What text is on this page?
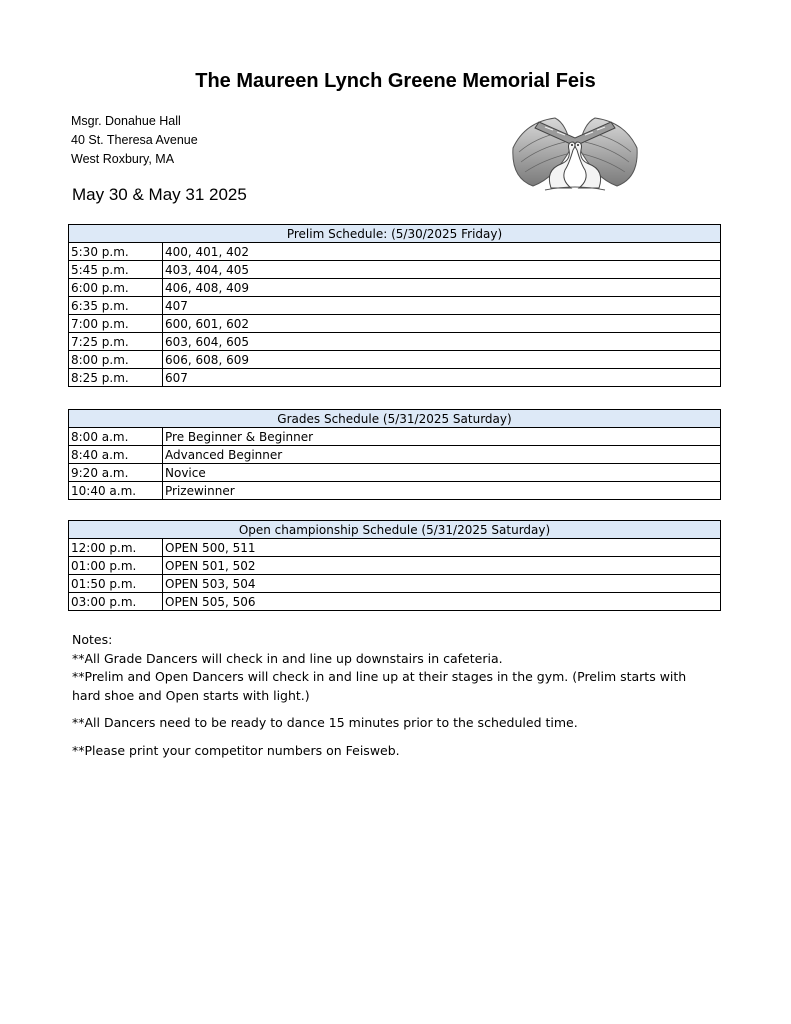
The Maureen Lynch Greene Memorial Feis
Msgr. Donahue Hall
40 St. Theresa Avenue
West Roxbury, MA
May 30 & May 31 2025
Prelim Schedule: (5/30/2025 Friday)	
5:30 p.m.	400, 401, 402
5:45 p.m.	403, 404, 405
6:00 p.m.	406, 408, 409
6:35 p.m.	407
7:00 p.m.	600, 601, 602
7:25 p.m.	603, 604, 605
8:00 p.m.	606, 608, 609
8:25 p.m.	607
Grades Schedule (5/31/2025 Saturday)	
8:00 a.m.	Pre Beginner & Beginner
8:40 a.m.	Advanced Beginner
9:20 a.m.	Novice
10:40 a.m.	Prizewinner
Open championship Schedule (5/31/2025 Saturday)	
12:00 p.m.	OPEN 500, 511
01:00 p.m.	OPEN 501, 502
01:50 p.m.	OPEN 503, 504
03:00 p.m.	OPEN 505, 506

Notes:

**All Grade Dancers will check in and line up downstairs in cafeteria.

**Prelim and Open Dancers will check in and line up at their stages in the gym. (Prelim starts with hard shoe and Open starts with light.)

**All Dancers need to be ready to dance 15 minutes prior to the scheduled time.

**Please print your competitor numbers on Feisweb.
